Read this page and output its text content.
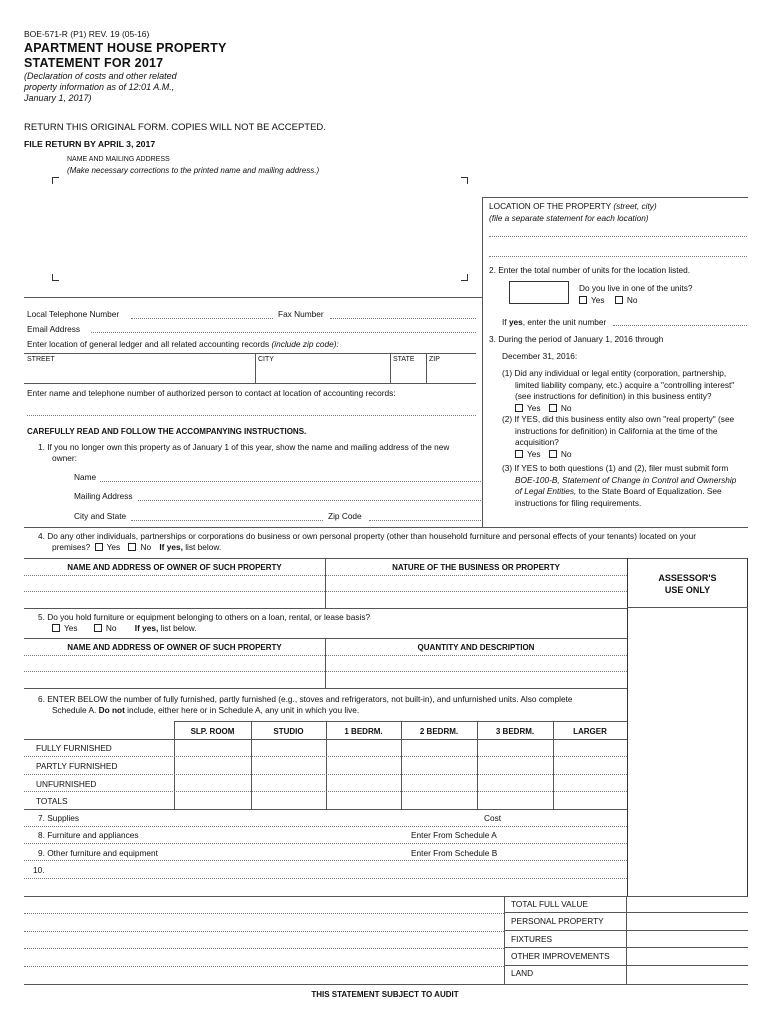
BOE-571-R (P1) REV. 19 (05-16)
APARTMENT HOUSE PROPERTY
STATEMENT FOR 2017
(Declaration of costs and other related
property information as of 12:01 A.M.,
January 1, 2017)
RETURN THIS ORIGINAL FORM. COPIES WILL NOT BE ACCEPTED.
FILE RETURN BY APRIL 3, 2017
NAME AND MAILING ADDRESS
(Make necessary corrections to the printed name and mailing address.)
LOCATION OF THE PROPERTY (street, city)
(file a separate statement for each location)
2. Enter the total number of units for the location listed.
Do you live in one of the units?
Yes	No
If yes, enter the unit number
3. During the period of January 1, 2016 through
December 31, 2016:
(1) Did any individual or legal entity (corporation, partnership,
limited liability company, etc.) acquire a "controlling interest"
(see instructions for definition) in this business entity?
Yes No
(2) If YES, did this business entity also own "real property" (see
instructions for definition) in California at the time of the
acquisition?
Yes No
(3) If YES to both questions (1) and (2), filer must submit form
BOE-100-B, Statement of Change in Control and Ownership
of Legal Entities, to the State Board of Equalization. See
instructions for filing requirements.
Local Telephone Number	Fax Number
Email Address
Enter location of general ledger and all related accounting records (include zip code):
STREET	CITY	STATE ZIP
Enter name and telephone number of authorized person to contact at location of accounting records:
CAREFULLY READ AND FOLLOW THE ACCOMPANYING INSTRUCTIONS.
1. If you no longer own this property as of January 1 of this year, show the name and mailing address of the new
owner:
Name
Mailing Address
City and State	Zip Code
4. Do any other individuals, partnerships or corporations do business or own personal property (other than household furniture and personal effects of your tenants) located on your
premises? Yes No If yes, list below.
NAME AND ADDRESS OF OWNER OF SUCH PROPERTY	NATURE OF THE BUSINESS OR PROPERTY
ASSESSOR'S
USE ONLY
5. Do you hold furniture or equipment belonging to others on a loan, rental, or lease basis?
Yes	No If yes, list below.
NAME AND ADDRESS OF OWNER OF SUCH PROPERTY	QUANTITY AND DESCRIPTION
6. ENTER BELOW the number of fully furnished, partly furnished (e.g., stoves and refrigerators, not built-in), and unfurnished units. Also complete
Schedule A. Do not include, either here or in Schedule A, any unit in which you live.
SLP. ROOM	STUDIO	1 BEDRM.	2 BEDRM.	3 BEDRM.	LARGER
FULLY FURNISHED
PARTLY FURNISHED
UNFURNISHED
TOTALS
7. Supplies	Cost
8. Furniture and appliances	Enter From Schedule A
9. Other furniture and equipment	Enter From Schedule B
10.
TOTAL FULL VALUE
PERSONAL PROPERTY
FIXTURES
OTHER IMPROVEMENTS
LAND
THIS STATEMENT SUBJECT TO AUDIT
